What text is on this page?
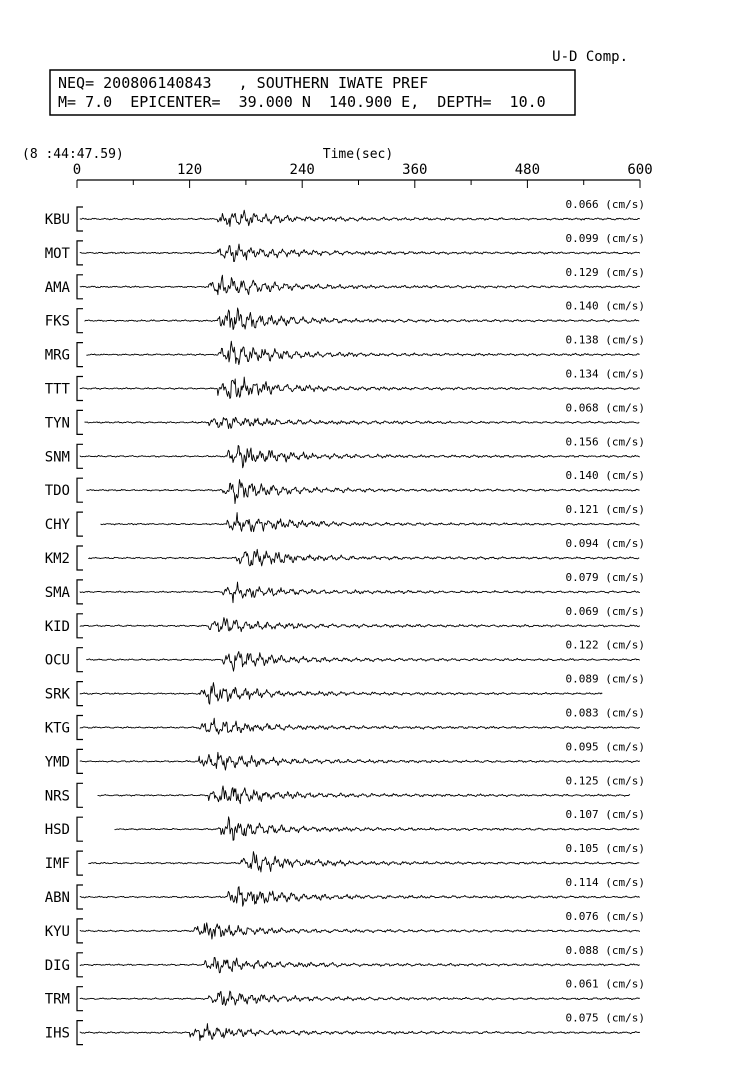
U-D Comp.
NEQ= 200806140843   , SOUTHERN IWATE PREF
M= 7.0  EPICENTER=  39.000 N  140.900 E,  DEPTH=  10.0
(8 :44:47.59)	Time(sec)
0	120	240	360	480	600
KBU
0.066 (cm/s)
MOT
0.099 (cm/s)
AMA
0.129 (cm/s)
FKS
0.140 (cm/s)
MRG
0.138 (cm/s)
TTT
0.134 (cm/s)
TYN
0.068 (cm/s)
SNM
0.156 (cm/s)
TDO
0.140 (cm/s)
CHY
0.121 (cm/s)
KM2
0.094 (cm/s)
SMA
0.079 (cm/s)
KID
0.069 (cm/s)
OCU
0.122 (cm/s)
SRK
0.089 (cm/s)
KTG
0.083 (cm/s)
YMD
0.095 (cm/s)
NRS
0.125 (cm/s)
HSD
0.107 (cm/s)
IMF
0.105 (cm/s)
ABN
0.114 (cm/s)
KYU
0.076 (cm/s)
DIG
0.088 (cm/s)
TRM
0.061 (cm/s)
IHS
0.075 (cm/s)
